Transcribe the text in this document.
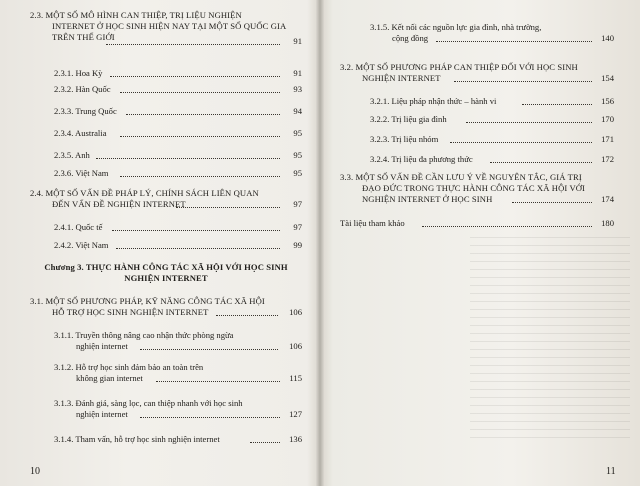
2.3. MỘT SỐ MÔ HÌNH CAN THIỆP, TRỊ LIỆU NGHIỆN
INTERNET Ở HỌC SINH HIỆN NAY TẠI MỘT SỐ QUỐC GIA
TRÊN THẾ GIỚI	91
2.3.1. Hoa Kỳ	91
2.3.2. Hàn Quốc	93
2.3.3. Trung Quốc	94
2.3.4. Australia	95
2.3.5. Anh	95
2.3.6. Việt Nam	95
2.4. MỘT SỐ VẤN ĐỀ PHÁP LÝ, CHÍNH SÁCH LIÊN QUAN
ĐẾN VẤN ĐỀ NGHIỆN INTERNET	97
2.4.1. Quốc tế	97
2.4.2. Việt Nam	99
Chương 3. THỰC HÀNH CÔNG TÁC XÃ HỘI VỚI HỌC SINH
NGHIỆN INTERNET
3.1. MỘT SỐ PHƯƠNG PHÁP, KỸ NĂNG CÔNG TÁC XÃ HỘI
HỖ TRỢ HỌC SINH NGHIỆN INTERNET	106
3.1.1. Truyền thông nâng cao nhận thức phòng ngừa
nghiện internet	106
3.1.2. Hỗ trợ học sinh đảm bảo an toàn trên
không gian internet	115
3.1.3. Đánh giá, sàng lọc, can thiệp nhanh với học sinh
nghiện internet	127
3.1.4. Tham vấn, hỗ trợ học sinh nghiện internet	136
10
3.1.5. Kết nối các nguồn lực gia đình, nhà trường,
cộng đồng	140
3.2. MỘT SỐ PHƯƠNG PHÁP CAN THIỆP ĐỐI VỚI HỌC SINH
NGHIỆN INTERNET	154
3.2.1. Liệu pháp nhận thức – hành vi	156
3.2.2. Trị liệu gia đình	170
3.2.3. Trị liệu nhóm	171
3.2.4. Trị liệu đa phương thức	172
3.3. MỘT SỐ VẤN ĐỀ CẦN LƯU Ý VỀ NGUYÊN TẮC, GIÁ TRỊ
ĐẠO ĐỨC TRONG THỰC HÀNH CÔNG TÁC XÃ HỘI VỚI
NGHIỆN INTERNET Ở HỌC SINH	174
Tài liệu tham khảo	180
11
